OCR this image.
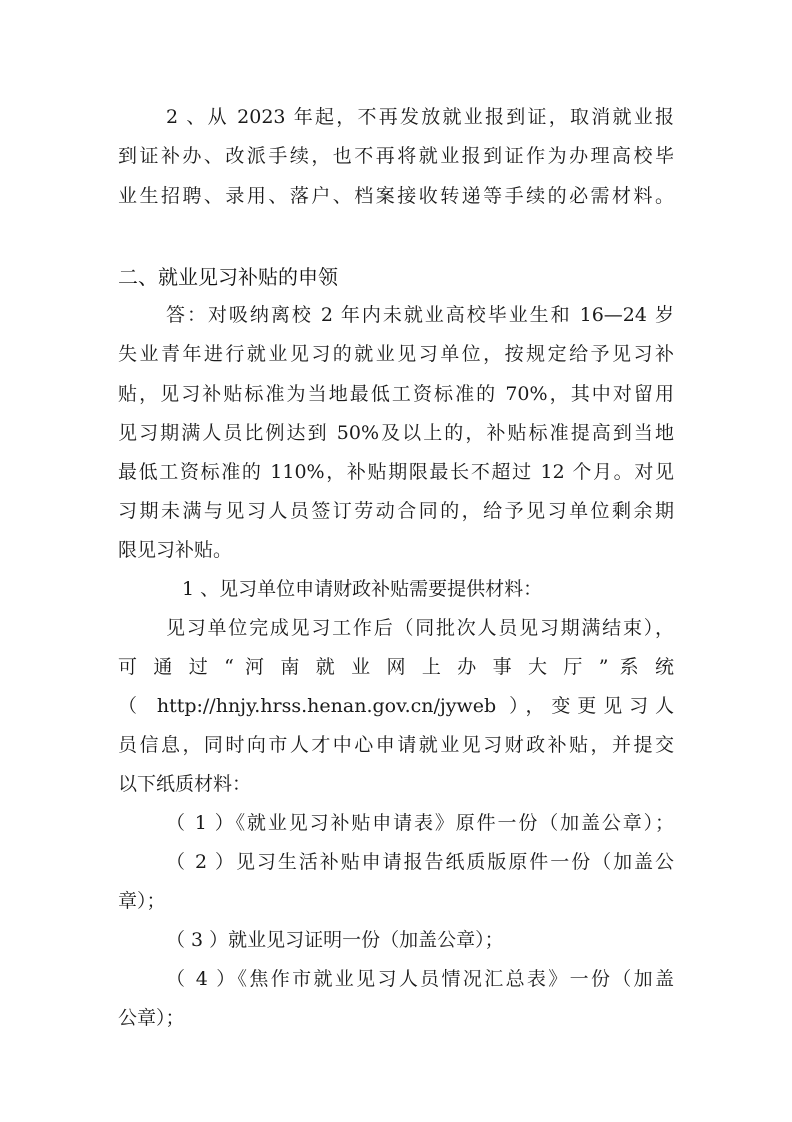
2 、从 2023 年起，不再发放就业报到证，取消就业报
到证补办、改派手续，也不再将就业报到证作为办理高校毕
业生招聘、录用、落户、档案接收转递等手续的必需材料。
二、就业见习补贴的申领
答：对吸纳离校 2 年内未就业高校毕业生和 16—24 岁
失业青年进行就业见习的就业见习单位，按规定给予见习补
贴，见习补贴标准为当地最低工资标准的 70%，其中对留用
见习期满人员比例达到 50%及以上的，补贴标准提高到当地
最低工资标准的 110%，补贴期限最长不超过 12 个月。对见
习期未满与见习人员签订劳动合同的，给予见习单位剩余期
限见习补贴。
1 、见习单位申请财政补贴需要提供材料：
见习单位完成见习工作后（同批次人员见习期满结束），
可 通 过 “ 河 南 就 业 网 上 办 事 大 厅 ” 系 统
（ http://hnjy.hrss.henan.gov.cn/jyweb ），变更见习人
员信息，同时向市人才中心申请就业见习财政补贴，并提交
以下纸质材料：
（ 1 ）《就业见习补贴申请表》原件一份（加盖公章）；
（ 2 ）见习生活补贴申请报告纸质版原件一份（加盖公
章）；
（ 3 ）就业见习证明一份（加盖公章）；
（ 4 ）《焦作市就业见习人员情况汇总表》一份（加盖
公章）；
